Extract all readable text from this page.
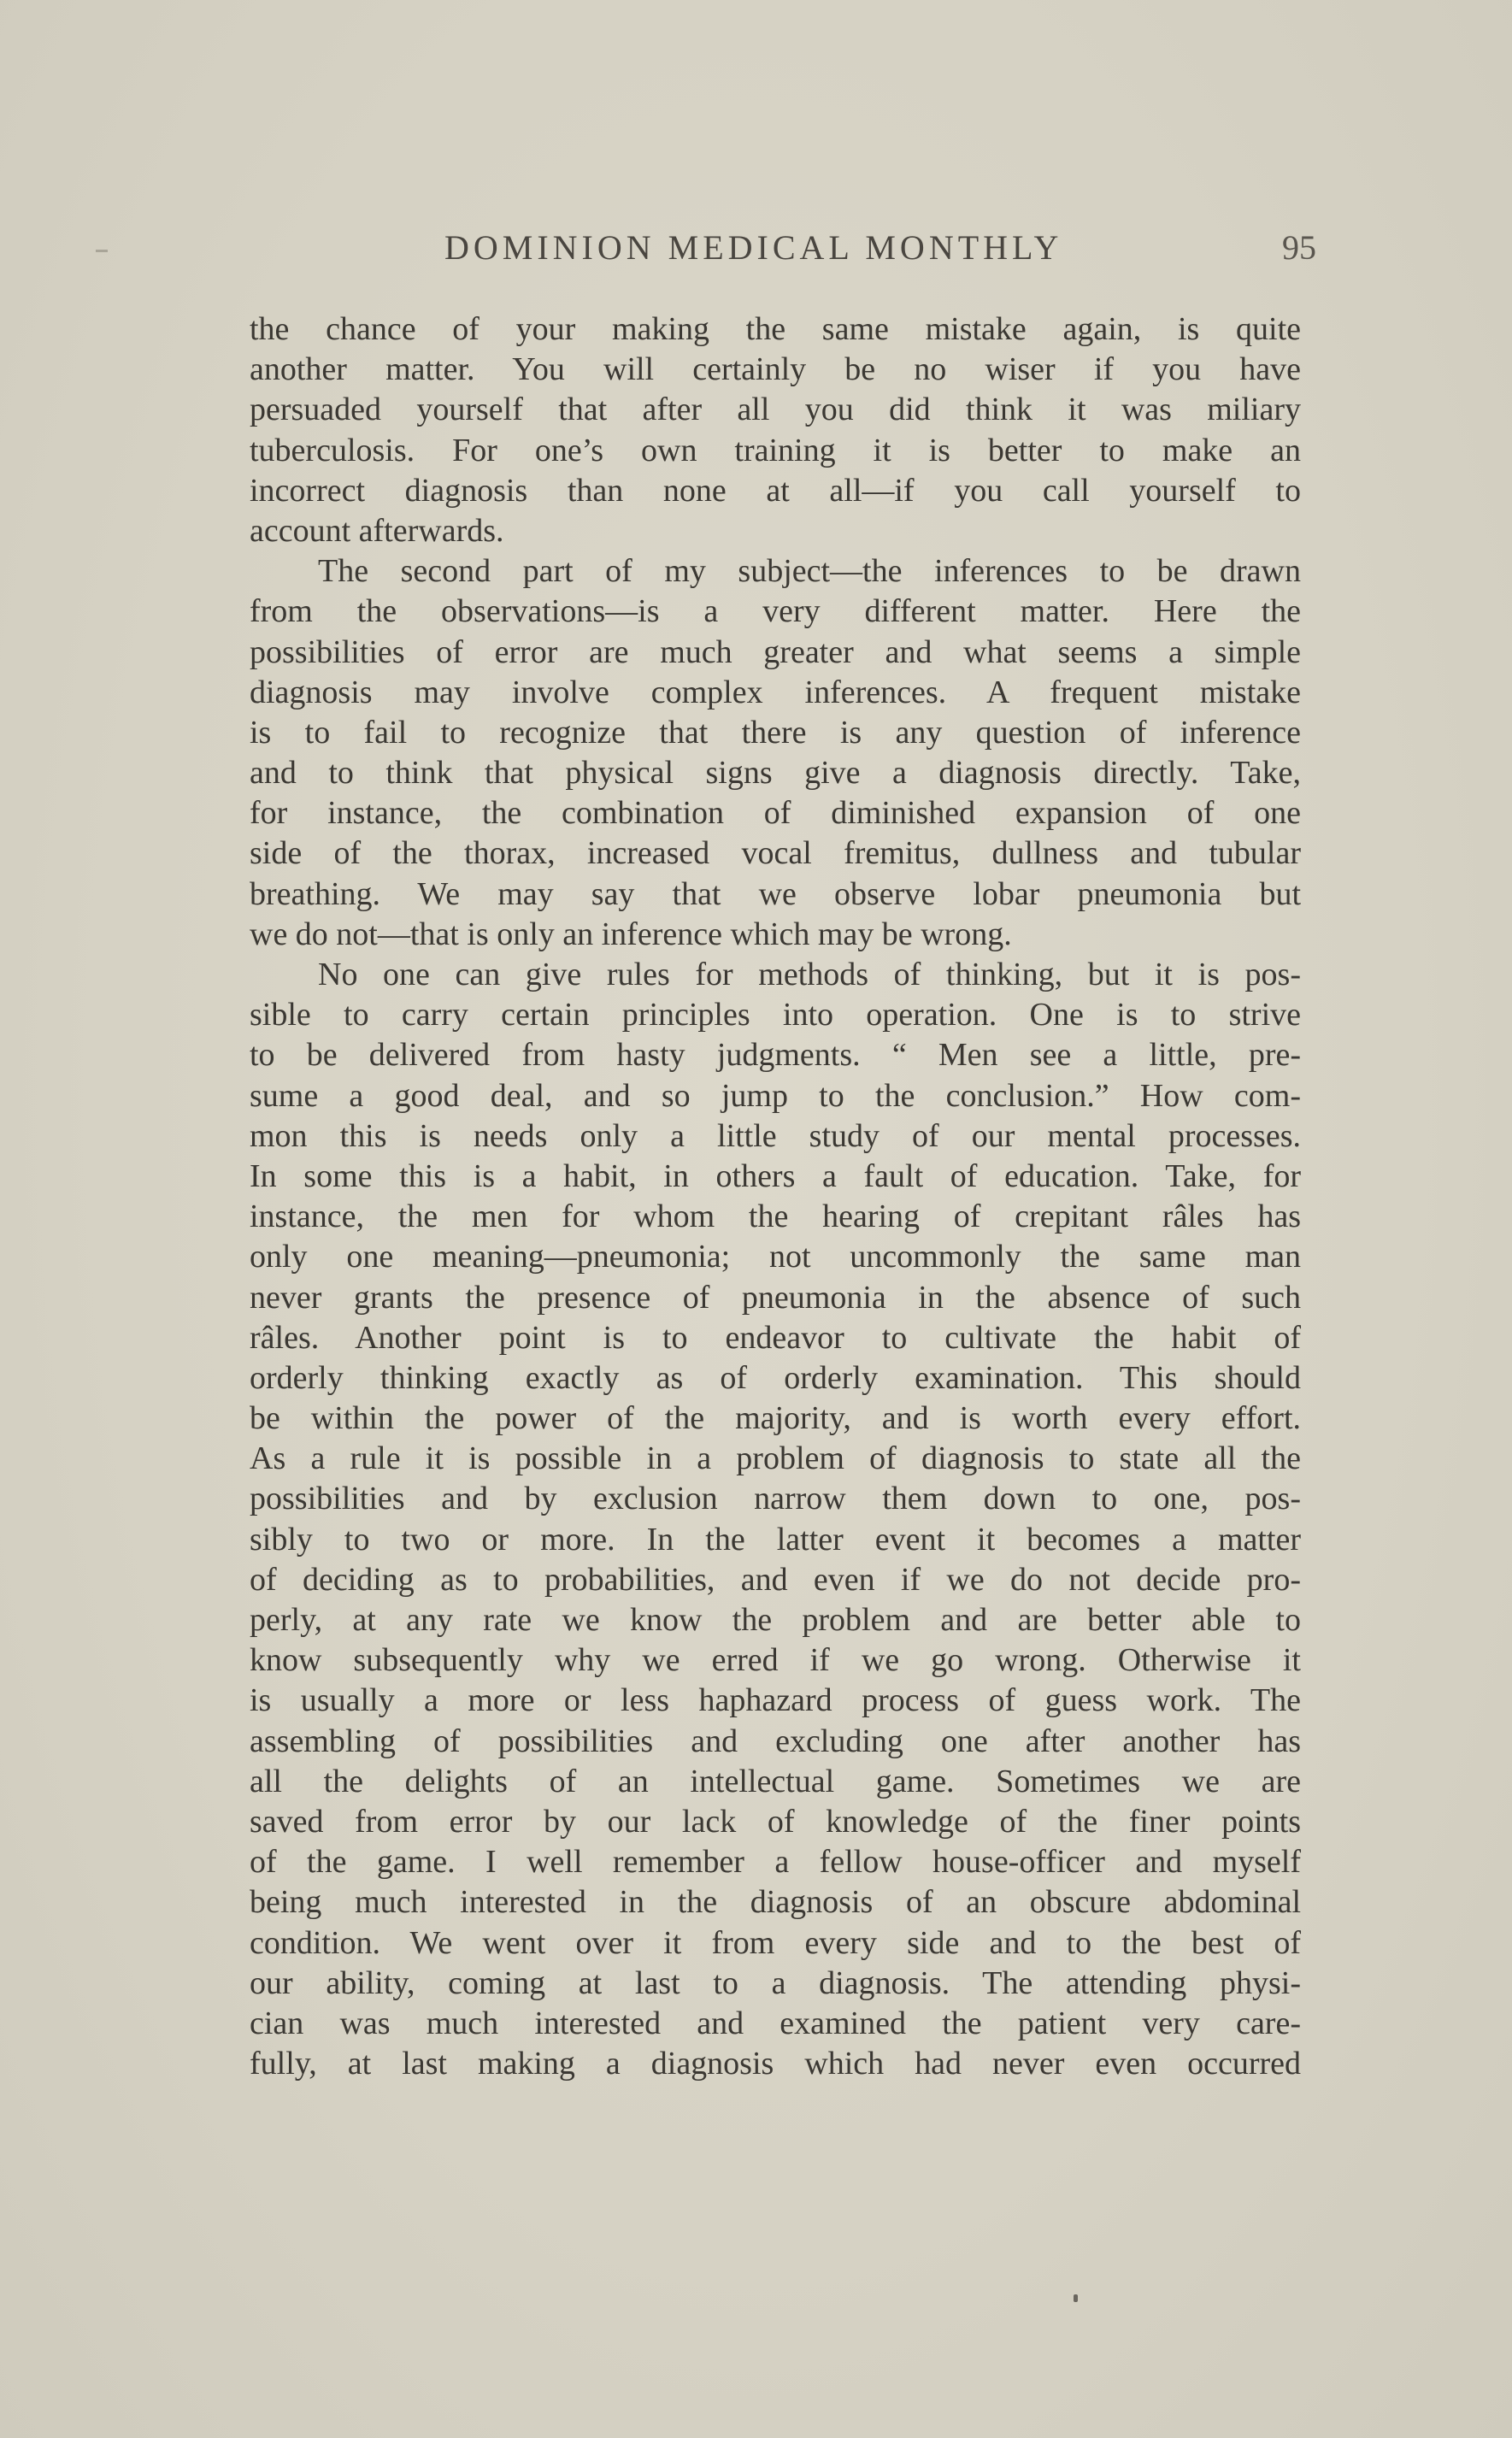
DOMINION MEDICAL MONTHLY	95
the chance of your making the same mistake again, is quite
another matter. You will certainly be no wiser if you have
persuaded yourself that after all you did think it was miliary
tuberculosis. For one’s own training it is better to make an
incorrect diagnosis than none at all—if you call yourself to
account afterwards.
The second part of my subject—the inferences to be drawn
from the observations—is a very different matter. Here the
possibilities of error are much greater and what seems a simple
diagnosis may involve complex inferences. A frequent mistake
is to fail to recognize that there is any question of inference
and to think that physical signs give a diagnosis directly. Take,
for instance, the combination of diminished expansion of one
side of the thorax, increased vocal fremitus, dullness and tubular
breathing. We may say that we observe lobar pneumonia but
we do not—that is only an inference which may be wrong.
No one can give rules for methods of thinking, but it is pos-
sible to carry certain principles into operation. One is to strive
to be delivered from hasty judgments. “ Men see a little, pre-
sume a good deal, and so jump to the conclusion.” How com-
mon this is needs only a little study of our mental processes.
In some this is a habit, in others a fault of education. Take, for
instance, the men for whom the hearing of crepitant râles has
only one meaning—pneumonia; not uncommonly the same man
never grants the presence of pneumonia in the absence of such
râles. Another point is to endeavor to cultivate the habit of
orderly thinking exactly as of orderly examination. This should
be within the power of the majority, and is worth every effort.
As a rule it is possible in a problem of diagnosis to state all the
possibilities and by exclusion narrow them down to one, pos-
sibly to two or more. In the latter event it becomes a matter
of deciding as to probabilities, and even if we do not decide pro-
perly, at any rate we know the problem and are better able to
know subsequently why we erred if we go wrong. Otherwise it
is usually a more or less haphazard process of guess work. The
assembling of possibilities and excluding one after another has
all the delights of an intellectual game. Sometimes we are
saved from error by our lack of knowledge of the finer points
of the game. I well remember a fellow house-officer and myself
being much interested in the diagnosis of an obscure abdominal
condition. We went over it from every side and to the best of
our ability, coming at last to a diagnosis. The attending physi-
cian was much interested and examined the patient very care-
fully, at last making a diagnosis which had never even occurred
